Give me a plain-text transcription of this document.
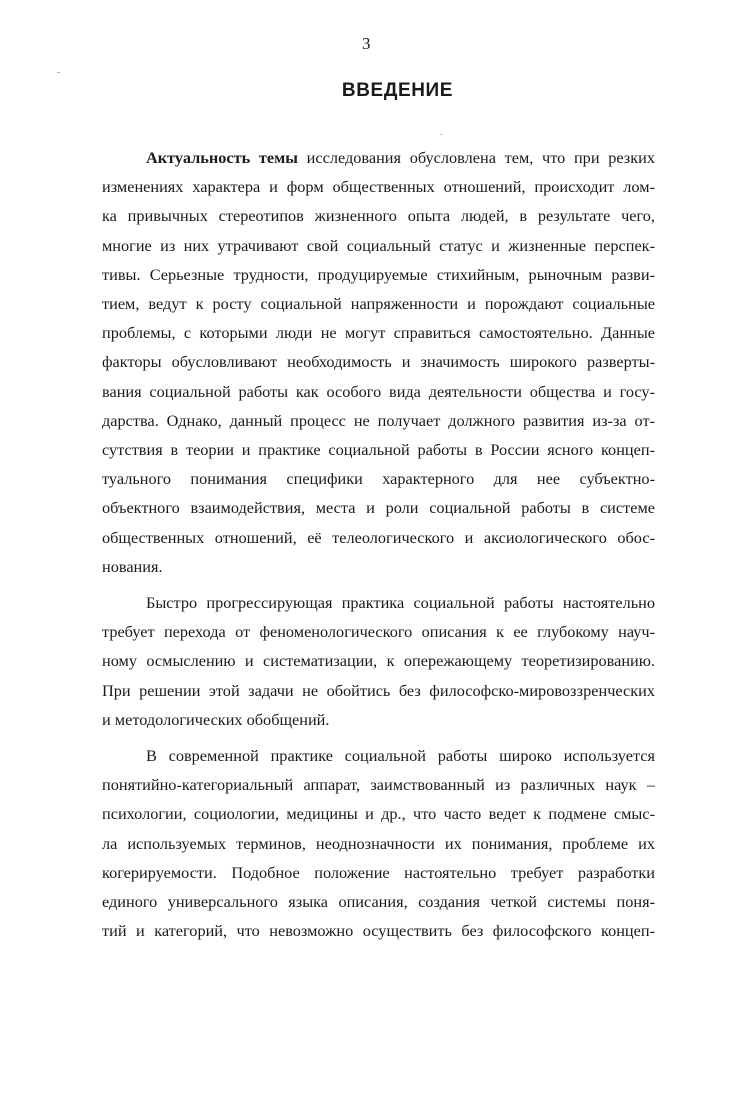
3
ВВЕДЕНИЕ

Актуальность темы исследования обусловлена тем, что при резких
изменениях характера и форм общественных отношений, происходит лом-
ка привычных стереотипов жизненного опыта людей, в результате чего,
многие из них утрачивают свой социальный статус и жизненные перспек-
тивы. Серьезные трудности, продуцируемые стихийным, рыночным разви-
тием, ведут к росту социальной напряженности и порождают социальные
проблемы, с которыми люди не могут справиться самостоятельно. Данные
факторы обусловливают необходимость и значимость широкого разверты-
вания социальной работы как особого вида деятельности общества и госу-
дарства. Однако, данный процесс не получает должного развития из-за от-
сутствия в теории и практике социальной работы в России ясного концеп-
туального понимания специфики характерного для нее субъектно-
объектного взаимодействия, места и роли социальной работы в системе
общественных отношений, её телеологического и аксиологического обос-
нования.

Быстро прогрессирующая практика социальной работы настоятельно
требует перехода от феноменологического описания к ее глубокому науч-
ному осмыслению и систематизации, к опережающему теоретизированию.
При решении этой задачи не обойтись без философско-мировоззренческих
и методологических обобщений.

В современной практике социальной работы широко используется
понятийно-категориальный аппарат, заимствованный из различных наук –
психологии, социологии, медицины и др., что часто ведет к подмене смыс-
ла используемых терминов, неоднозначности их понимания, проблеме их
когерируемости. Подобное положение настоятельно требует разработки
единого универсального языка описания, создания четкой системы поня-
тий и категорий, что невозможно осуществить без философского концеп-
